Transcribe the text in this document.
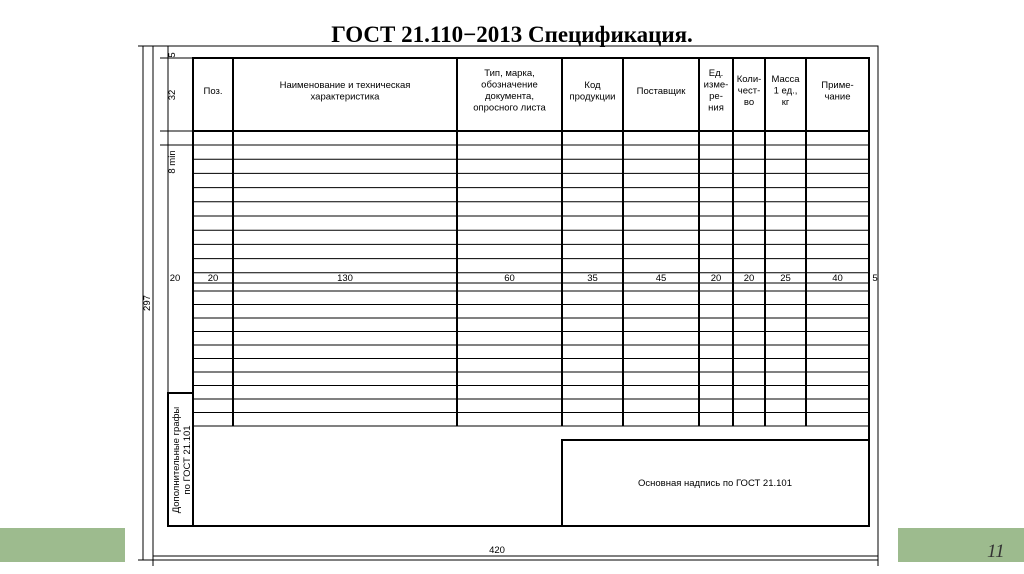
ГОСТ 21.110−2013 Спецификация.
Основная надпись по ГОСТ 21.101
Дополнительные графы по ГОСТ 21.101
Поз.
20
Наименование и техническая
характеристика
130
Тип, марка,
обозначение
документа,
опросного листа
60
Код
продукции
35
Поставщик
45
Ед.
изме-
ре-
ния
20
Коли-
чест-
во
20
Масса
1 ед.,
кг
25
Приме-
чание
40
5
32
8 min
20	5
297
420	11
